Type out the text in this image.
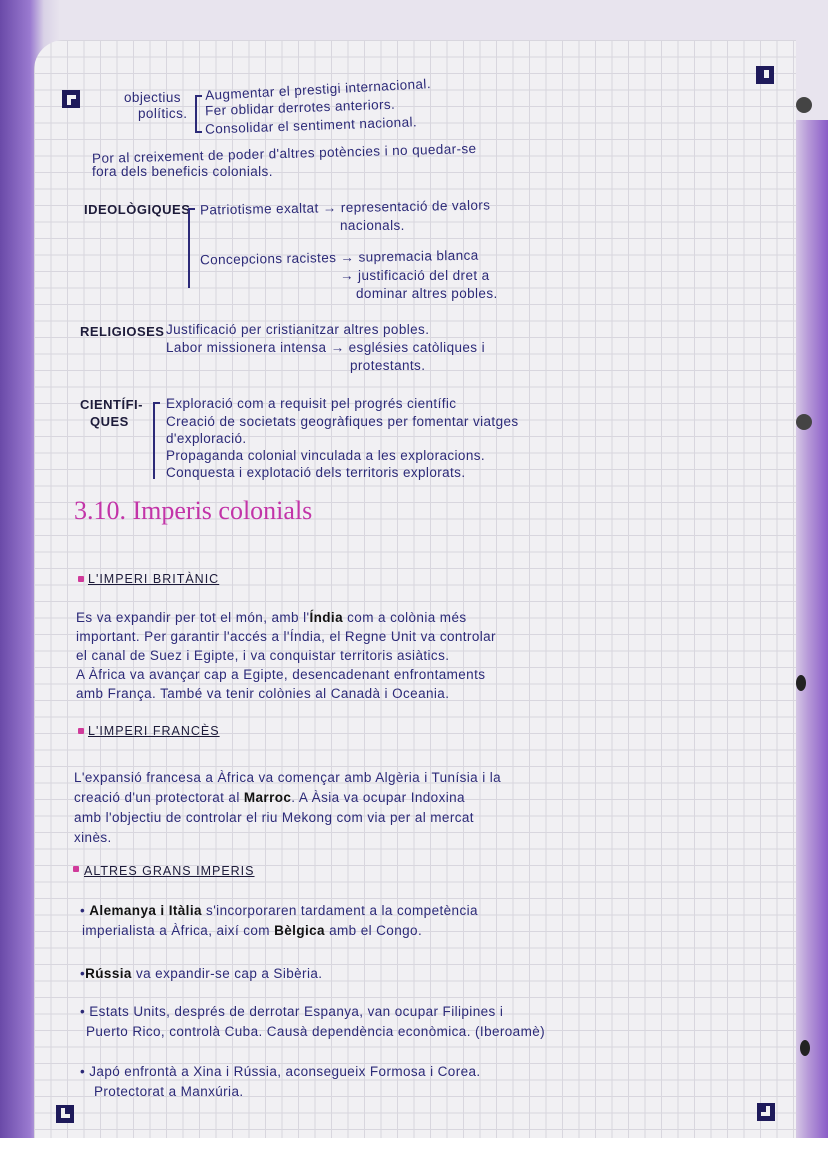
objectius
polítics.
Augmentar el prestigi internacional.
Fer oblidar derrotes anteriors.
Consolidar el sentiment nacional.
Por al creixement de poder d'altres potències i no quedar-se
fora dels beneficis colonials.
IDEOLÒGIQUES Patriotisme exaltat → representació de valors
nacionals.
Concepcions racistes → supremacia blanca
→ justificació del dret a
dominar altres pobles.
RELIGIOSES Justificació per cristianitzar altres pobles.
Labor missionera intensa → esglésies catòliques i
protestants.
CIENTÍFI-
QUES
Exploració com a requisit pel progrés científic
Creació de societats geogràfiques per fomentar viatges
d'exploració.
Propaganda colonial vinculada a les exploracions.
Conquesta i explotació dels territoris explorats.
3.10. Imperis colonials
L'IMPERI BRITÀNIC
Es va expandir per tot el món, amb l'Índia com a colònia més
important. Per garantir l'accés a l'Índia, el Regne Unit va controlar
el canal de Suez i Egipte, i va conquistar territoris asiàtics.
A Àfrica va avançar cap a Egipte, desencadenant enfrontaments
amb França. També va tenir colònies al Canadà i Oceania.
L'IMPERI FRANCÈS
L'expansió francesa a Àfrica va començar amb Algèria i Tunísia i la
creació d'un protectorat al Marroc. A Àsia va ocupar Indoxina
amb l'objectiu de controlar el riu Mekong com via per al mercat
xinès.
ALTRES GRANS IMPERIS
• Alemanya i Itàlia s'incorporaren tardament a la competència
imperialista a Àfrica, així com Bèlgica amb el Congo.
•Rússia va expandir-se cap a Sibèria.
• Estats Units, després de derrotar Espanya, van ocupar Filipines i
Puerto Rico, controlà Cuba. Causà dependència econòmica. (Iberoamè)
• Japó enfrontà a Xina i Rússia, aconsegueix Formosa i Corea.
Protectorat a Manxúria.
